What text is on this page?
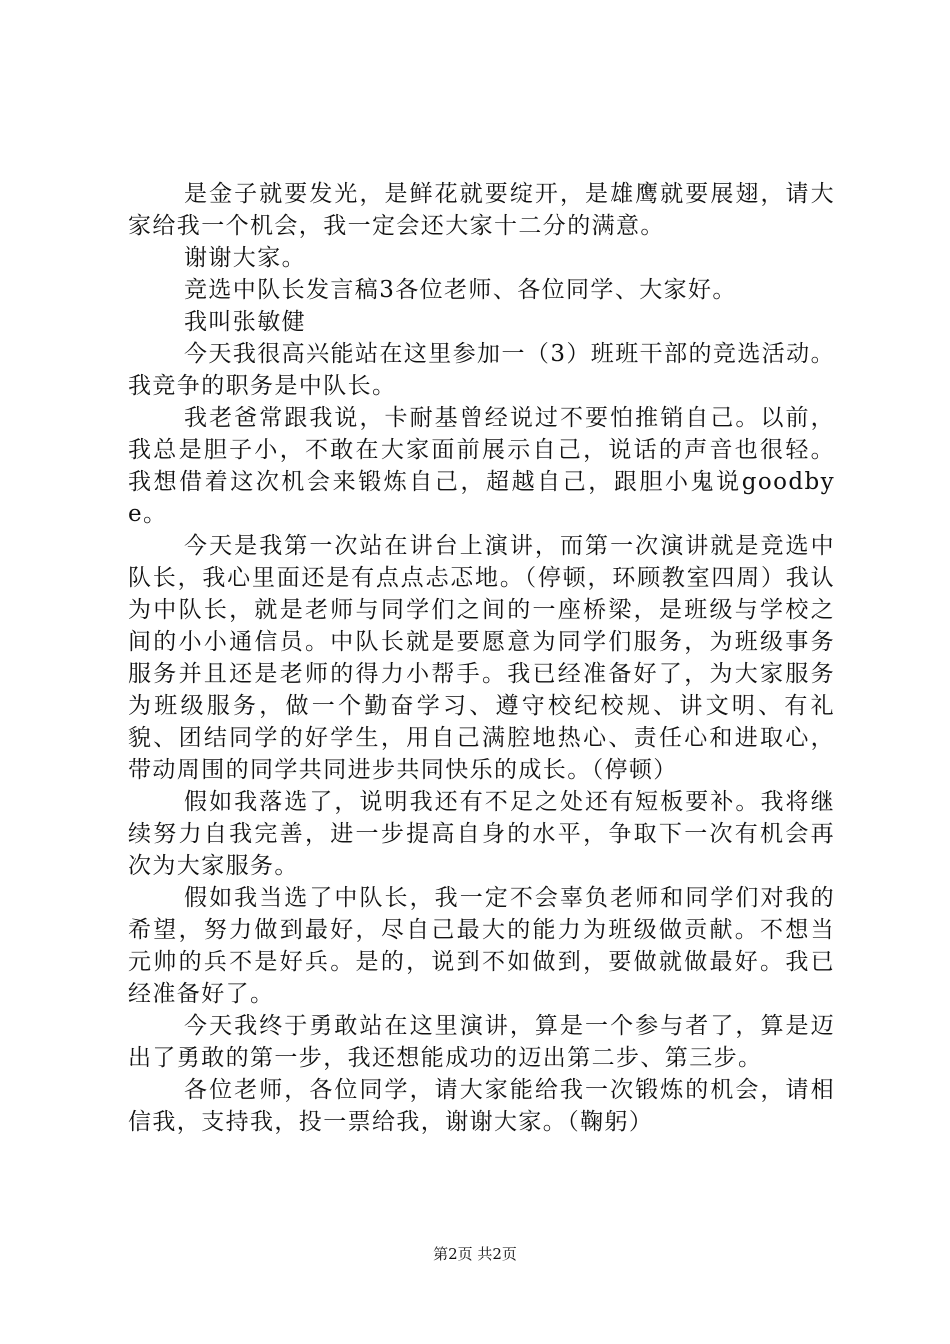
是金子就要发光，是鲜花就要绽开，是雄鹰就要展翅，请大家给我一个机会，我一定会还大家十二分的满意。

谢谢大家。

竞选中队长发言稿3各位老师、各位同学、大家好。

我叫张敏健

今天我很高兴能站在这里参加一（3）班班干部的竞选活动。我竞争的职务是中队长。

我老爸常跟我说，卡耐基曾经说过不要怕推销自己。以前，我总是胆子小，不敢在大家面前展示自己，说话的声音也很轻。我想借着这次机会来锻炼自己，超越自己，跟胆小鬼说goodbye。

今天是我第一次站在讲台上演讲，而第一次演讲就是竞选中队长，我心里面还是有点点忐忑地。（停顿，环顾教室四周）我认为中队长，就是老师与同学们之间的一座桥梁，是班级与学校之间的小小通信员。中队长就是要愿意为同学们服务，为班级事务服务并且还是老师的得力小帮手。我已经准备好了，为大家服务为班级服务，做一个勤奋学习、遵守校纪校规、讲文明、有礼貌、团结同学的好学生，用自己满腔地热心、责任心和进取心，带动周围的同学共同进步共同快乐的成长。（停顿）

假如我落选了，说明我还有不足之处还有短板要补。我将继续努力自我完善，进一步提高自身的水平，争取下一次有机会再次为大家服务。

假如我当选了中队长，我一定不会辜负老师和同学们对我的希望，努力做到最好，尽自己最大的能力为班级做贡献。不想当元帅的兵不是好兵。是的，说到不如做到，要做就做最好。我已经准备好了。

今天我终于勇敢站在这里演讲，算是一个参与者了，算是迈出了勇敢的第一步，我还想能成功的迈出第二步、第三步。

各位老师，各位同学，请大家能给我一次锻炼的机会，请相信我，支持我，投一票给我，谢谢大家。（鞠躬）

第2页 共2页
